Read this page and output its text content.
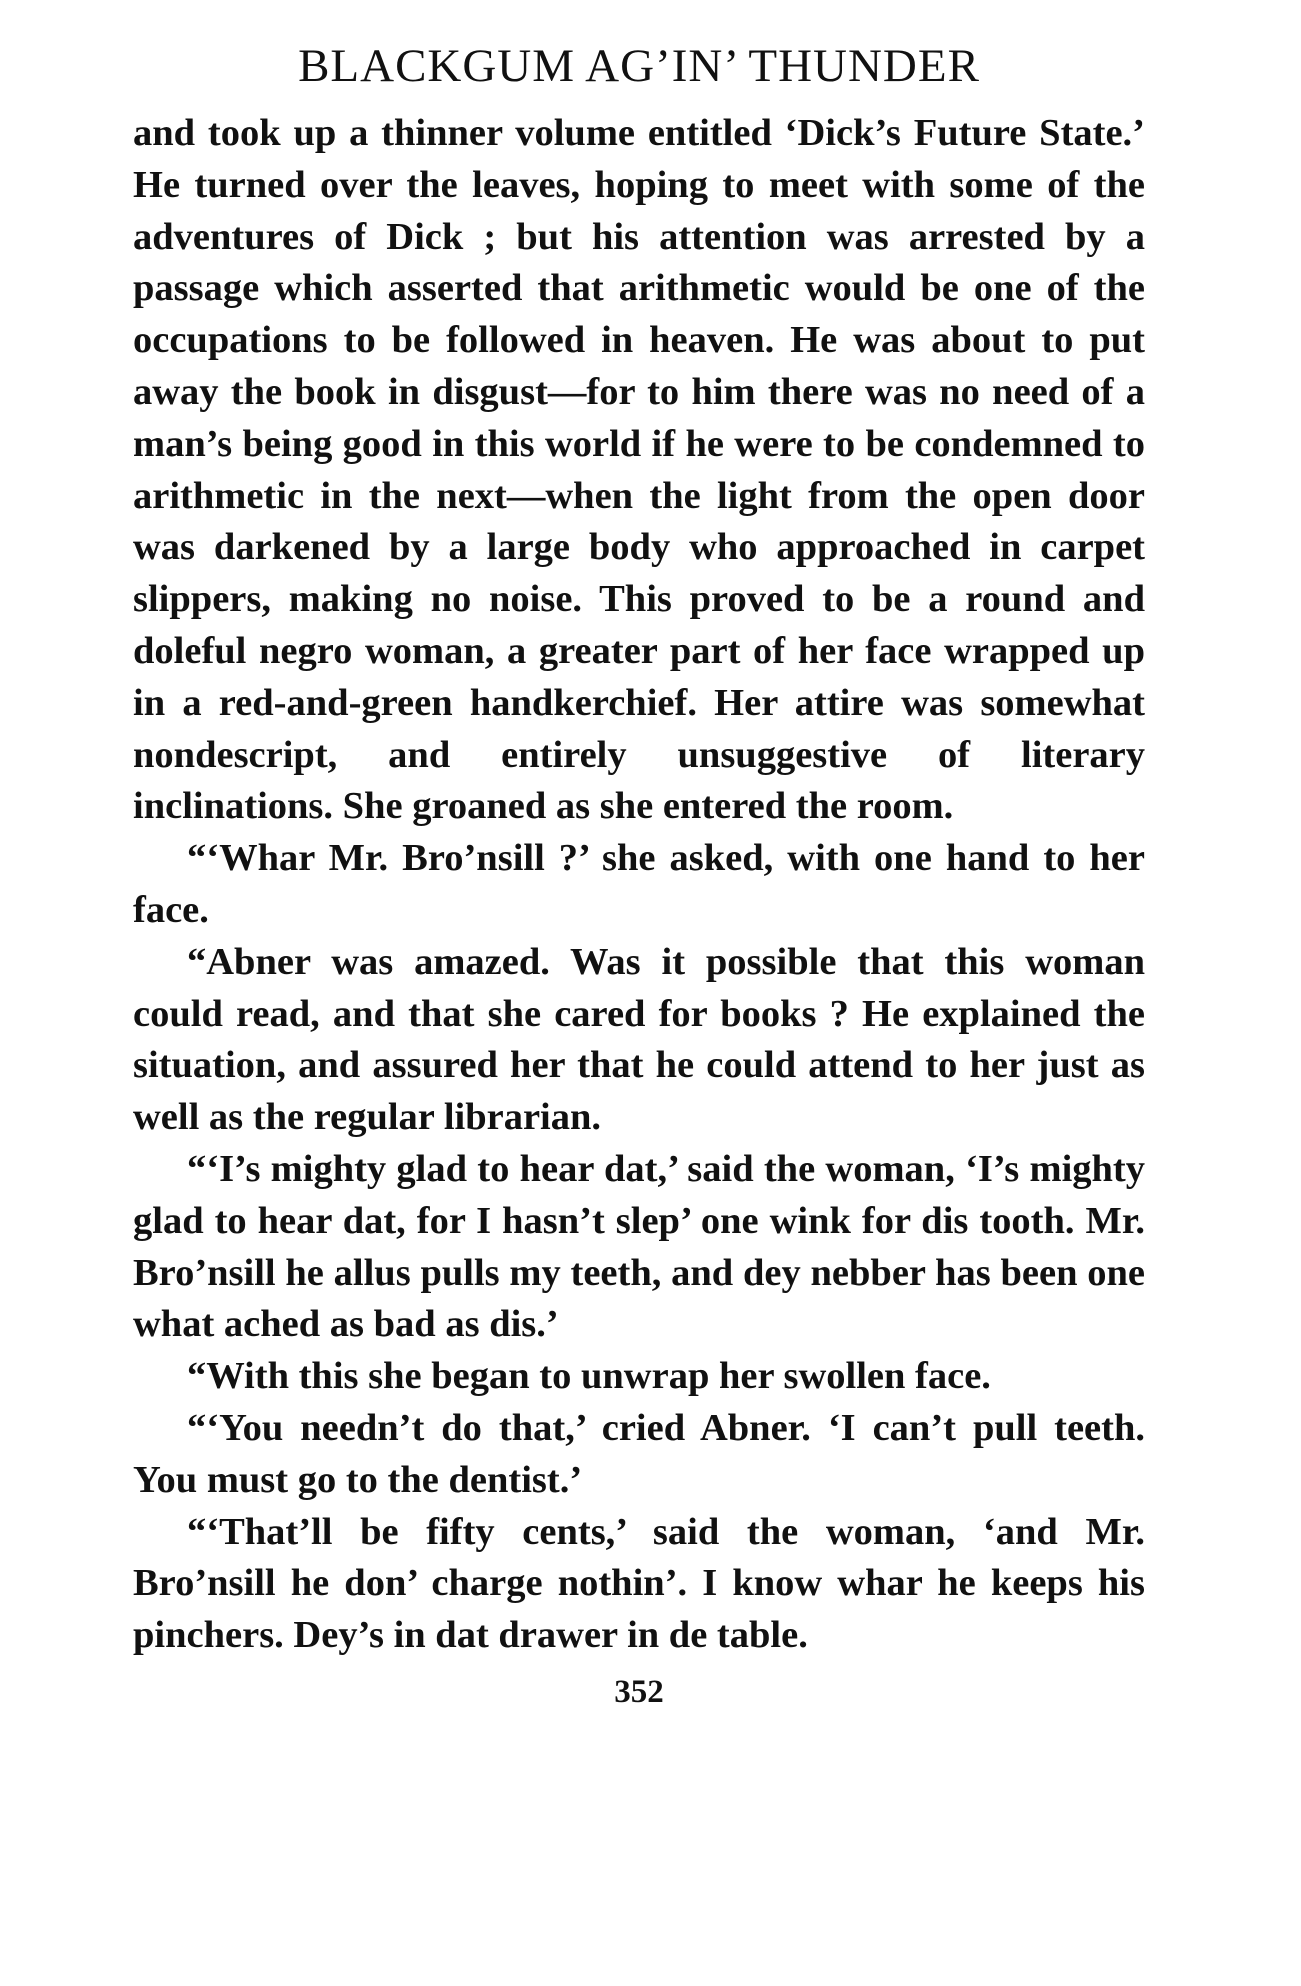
BLACKGUM AG’IN’ THUNDER

and took up a thinner volume entitled ‘Dick’s Future State.’ He turned over the leaves, hoping to meet with some of the adventures of Dick ; but his attention was arrested by a passage which asserted that arithmetic would be one of the occupations to be followed in heaven. He was about to put away the book in disgust—for to him there was no need of a man’s being good in this world if he were to be condemned to arithmetic in the next—when the light from the open door was darkened by a large body who approached in carpet slippers, making no noise. This proved to be a round and doleful negro woman, a greater part of her face wrapped up in a red-and-green handkerchief. Her attire was somewhat nondescript, and entirely unsuggestive of literary inclinations. She groaned as she entered the room.

“‘Whar Mr. Bro’nsill ?’ she asked, with one hand to her face.

“Abner was amazed. Was it possible that this woman could read, and that she cared for books ? He explained the situation, and assured her that he could attend to her just as well as the regular librarian.

“‘I’s mighty glad to hear dat,’ said the woman, ‘I’s mighty glad to hear dat, for I hasn’t slep’ one wink for dis tooth. Mr. Bro’nsill he allus pulls my teeth, and dey nebber has been one what ached as bad as dis.’

“With this she began to unwrap her swollen face.

“‘You needn’t do that,’ cried Abner. ‘I can’t pull teeth. You must go to the dentist.’

“‘That’ll be fifty cents,’ said the woman, ‘and Mr. Bro’nsill he don’ charge nothin’. I know whar he keeps his pinchers. Dey’s in dat drawer in de table.

352
